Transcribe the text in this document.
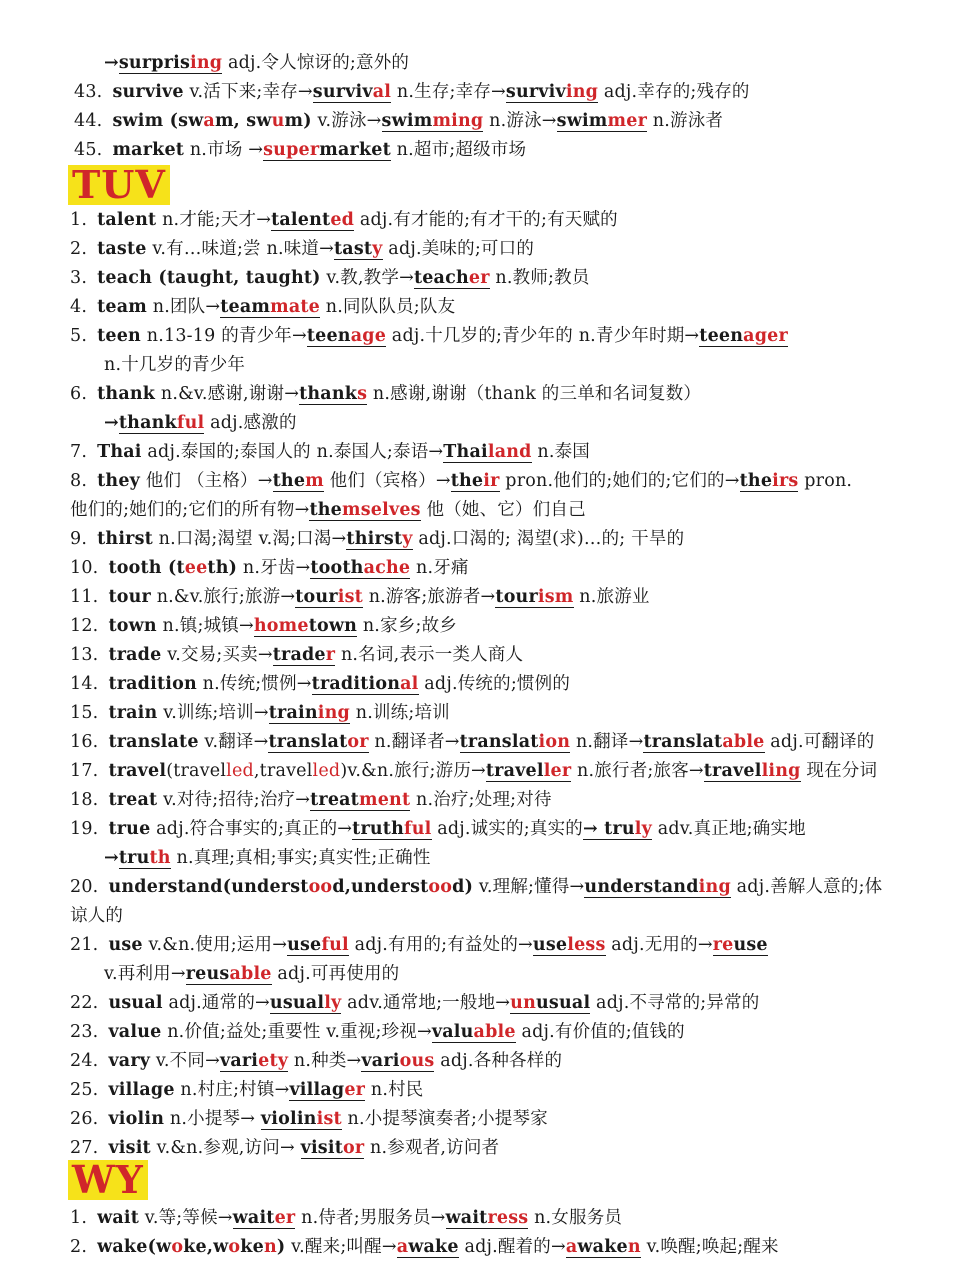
TUV
WY
→surprising adj.令人惊讶的;意外的
43. survive v.活下来;幸存→survival n.生存;幸存→surviving adj.幸存的;残存的
44. swim (swam, swum) v.游泳→swimming n.游泳→swimmer n.游泳者
45. market n.市场 →supermarket n.超市;超级市场
1. talent n.才能;天才→talented adj.有才能的;有才干的;有天赋的
2. taste v.有…味道;尝 n.味道→tasty adj.美味的;可口的
3. teach (taught, taught) v.教,教学→teacher n.教师;教员
4. team n.团队→teammate n.同队队员;队友
5. teen n.13-19 的青少年→teenage adj.十几岁的;青少年的 n.青少年时期→teenager
n.十几岁的青少年
6. thank n.&v.感谢,谢谢→thanks n.感谢,谢谢（thank 的三单和名词复数）
→thankful adj.感激的
7. Thai adj.泰国的;泰国人的 n.泰国人;泰语→Thailand n.泰国
8. they 他们 （主格）→them 他们（宾格）→their pron.他们的;她们的;它们的→theirs pron.
他们的;她们的;它们的所有物→themselves 他（她、它）们自己
9. thirst n.口渴;渴望 v.渴;口渴→thirsty adj.口渴的; 渴望(求)…的; 干旱的
10. tooth (teeth) n.牙齿→toothache n.牙痛
11. tour n.&v.旅行;旅游→tourist n.游客;旅游者→tourism n.旅游业
12. town n.镇;城镇→hometown n.家乡;故乡
13. trade v.交易;买卖→trader n.名词,表示一类人商人
14. tradition n.传统;惯例→traditional adj.传统的;惯例的
15. train v.训练;培训→training n.训练;培训
16. translate v.翻译→translator n.翻译者→translation n.翻译→translatable adj.可翻译的
17. travel(travelled,travelled)v.&n.旅行;游历→traveller n.旅行者;旅客→travelling 现在分词
18. treat v.对待;招待;治疗→treatment n.治疗;处理;对待
19. true adj.符合事实的;真正的→truthful adj.诚实的;真实的→ truly adv.真正地;确实地
→truth n.真理;真相;事实;真实性;正确性
20. understand(understood,understood) v.理解;懂得→understanding adj.善解人意的;体
谅人的
21. use v.&n.使用;运用→useful adj.有用的;有益处的→useless adj.无用的→reuse
v.再利用→reusable adj.可再使用的
22. usual adj.通常的→usually adv.通常地;一般地→unusual adj.不寻常的;异常的
23. value n.价值;益处;重要性 v.重视;珍视→valuable adj.有价值的;值钱的
24. vary v.不同→variety n.种类→various adj.各种各样的
25. village n.村庄;村镇→villager n.村民
26. violin n.小提琴→ violinist n.小提琴演奏者;小提琴家
27. visit v.&n.参观,访问→ visitor n.参观者,访问者
1. wait v.等;等候→waiter n.侍者;男服务员→waitress n.女服务员
2. wake(woke,woken) v.醒来;叫醒→awake adj.醒着的→awaken v.唤醒;唤起;醒来
